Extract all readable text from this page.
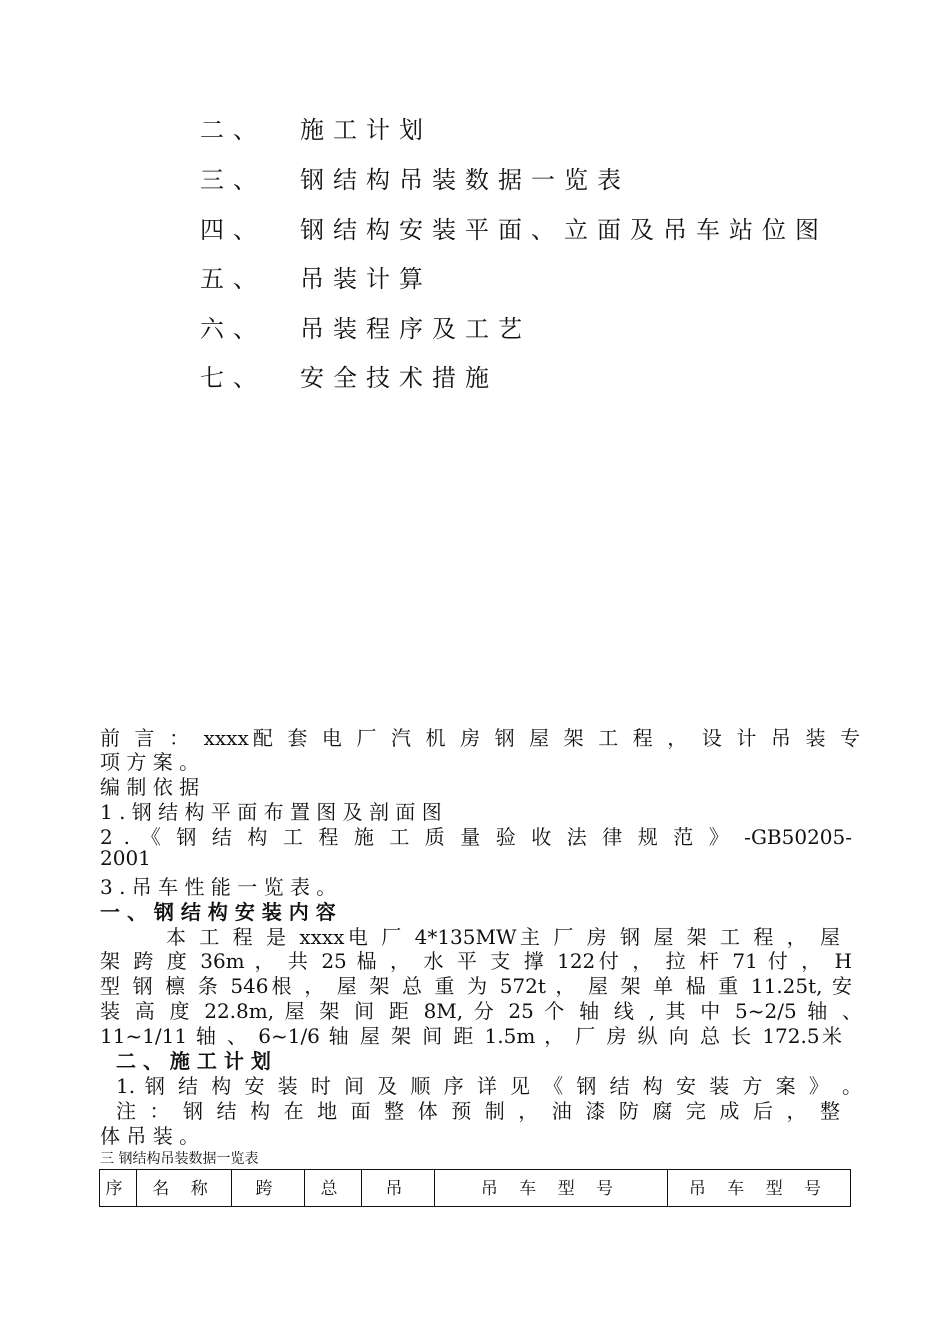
二、 施工计划
三、 钢结构吊装数据一览表
四、 钢结构安装平面、立面及吊车站位图
五、 吊装计算
六、 吊装程序及工艺
七、 安全技术措施
前 言 ： xxxx配 套 电 厂 汽 机 房 钢 屋 架 工 程 ， 设 计 吊 装 专
项 方 案 。
编 制 依 据
1 . 钢 结 构 平 面 布 置 图 及 剖 面 图
2 . 《 钢 结 构 工 程 施 工 质 量 验 收 法 律 规 范 》 -GB50205-
2001
3 . 吊 车 性 能 一 览 表 。
一 、 钢 结 构 安 装 内 容
本 工 程 是 xxxx电 厂 4*135MW主 厂 房 钢 屋 架 工 程 ， 屋
架 跨 度 36m ， 共 25 榀 ， 水 平 支 撑 122付 ， 拉 杆 71 付 ， H
型 钢 檩 条 546根 ， 屋 架 总 重 为 572t ， 屋 架 单 榀 重 11.25t, 安
装 高 度 22.8m, 屋 架 间 距 8M, 分 25 个 轴 线 , 其 中 5~2/5 轴 、
11~1/11 轴 、 6~1/6 轴 屋 架 间 距 1.5m ， 厂 房 纵 向 总 长 172.5米
二 、 施 工 计 划
1. 钢 结 构 安 装 时 间 及 顺 序 详 见 《 钢 结 构 安 装 方 案 》 。
注 ： 钢 结 构 在 地 面 整 体 预 制 ， 油 漆 防 腐 完 成 后 ， 整
体 吊 装 。
三 钢结构吊装数据一览表
序	名 称	跨	总	吊	吊 车 型 号	吊 车 型 号
